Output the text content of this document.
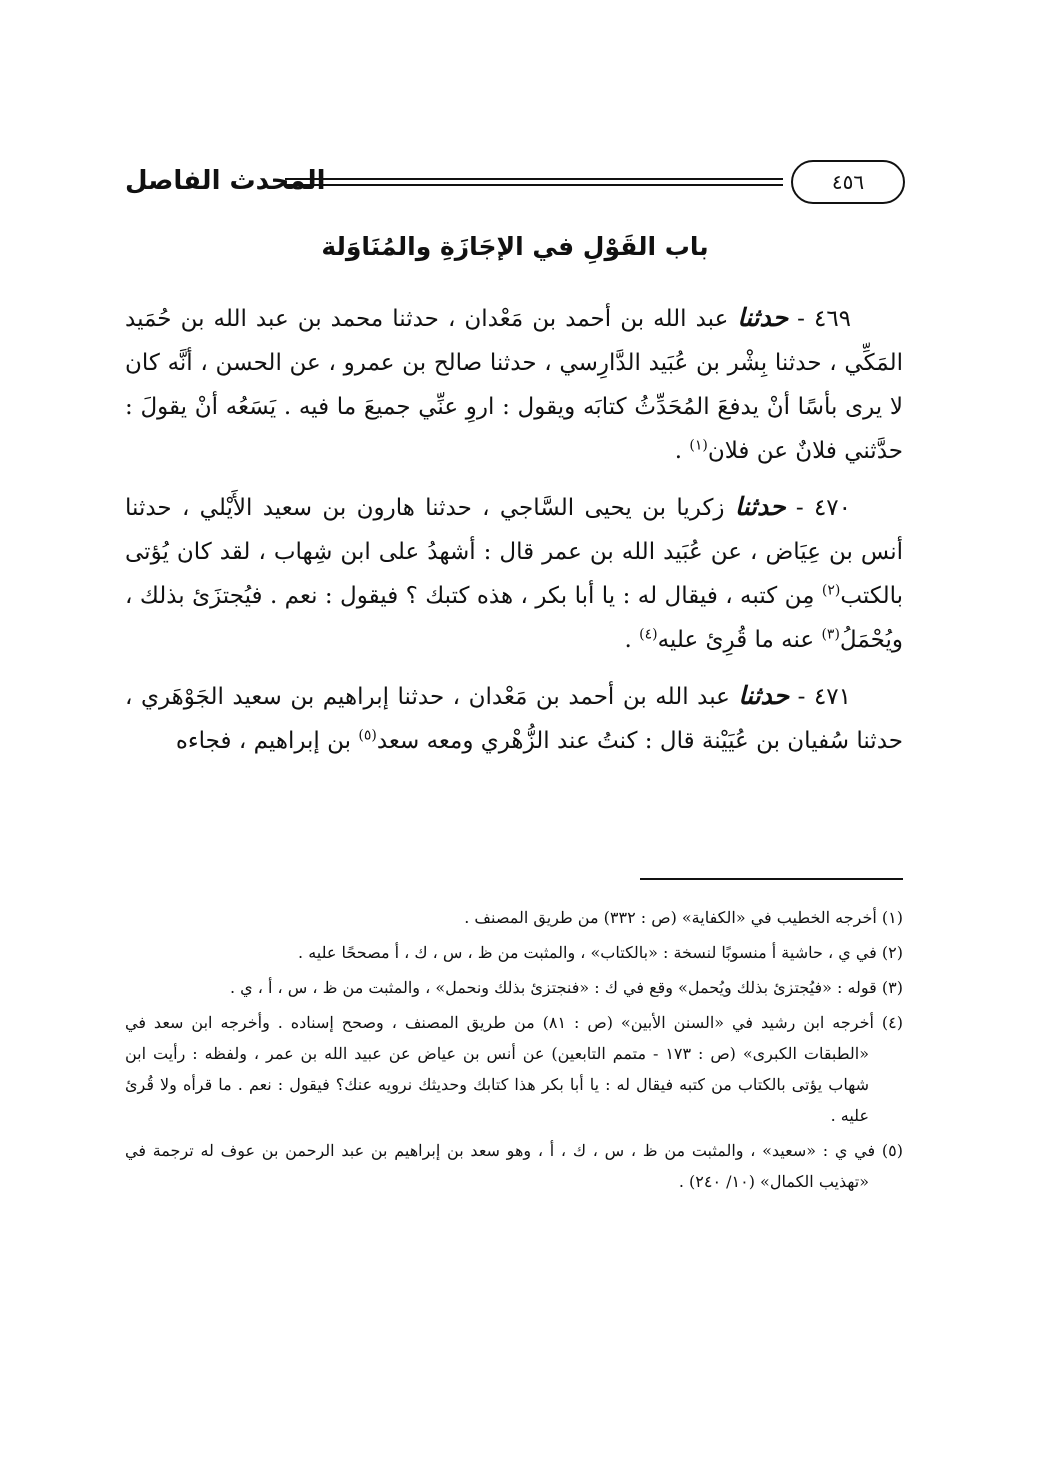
المحدث الفاصل	٤٥٦
باب القَوْلِ في الإجَازَةِ والمُنَاوَلة

٤٦٩ - حدثنا عبد الله بن أحمد بن مَعْدان ، حدثنا محمد بن عبد الله بن حُمَيد المَكِّي ، حدثنا بِشْر بن عُبَيد الدَّارِسي ، حدثنا صالح بن عمرو ، عن الحسن ، أنَّه كان لا يرى بأسًا أنْ يدفعَ المُحَدِّثُ كتابَه ويقول : اروِ عنِّي جميعَ ما فيه . يَسَعُه أنْ يقولَ : حدَّثني فلانٌ عن فلان$^{(١)}$ .

٤٧٠ - حدثنا زكريا بن يحيى السَّاجي ، حدثنا هارون بن سعيد الأَيْلي ، حدثنا أنس بن عِيَاض ، عن عُبَيد الله بن عمر قال : أشهدُ على ابن شِهاب ، لقد كان يُؤتى بالكتب$^{(٢)}$ مِن كتبه ، فيقال له : يا أبا بكر ، هذه كتبك ؟ فيقول : نعم . فيُجتزَئ بذلك ، ويُحْمَلُ$^{(٣)}$ عنه ما قُرِئ عليه$^{(٤)}$ .

٤٧١ - حدثنا عبد الله بن أحمد بن مَعْدان ، حدثنا إبراهيم بن سعيد الجَوْهَري ، حدثنا سُفيان بن عُيَيْنة قال : كنتُ عند الزُّهْري ومعه سعد$^{(٥)}$ بن إبراهيم ، فجاءه

(١) أخرجه الخطيب في «الكفاية» (ص : ٣٣٢) من طريق المصنف .

(٢) في ي ، حاشية أ منسوبًا لنسخة : «بالكتاب» ، والمثبت من ظ ، س ، ك ، أ مصححًا عليه .

(٣) قوله : «فيُجتزئ بذلك ويُحمل» وقع في ك : «فنجتزئ بذلك ونحمل» ، والمثبت من ظ ، س ، أ ، ي .

(٤) أخرجه ابن رشيد في «السنن الأبين» (ص : ٨١) من طريق المصنف ، وصحح إسناده . وأخرجه ابن سعد في «الطبقات الكبرى» (ص : ١٧٣ - متمم التابعين) عن أنس بن عياض عن عبيد الله بن عمر ، ولفظه : رأيت ابن شهاب يؤتى بالكتاب من كتبه فيقال له : يا أبا بكر هذا كتابك وحديثك نرويه عنك؟ فيقول : نعم . ما قرأه ولا قُرئ عليه .

(٥) في ي : «سعيد» ، والمثبت من ظ ، س ، ك ، أ ، وهو سعد بن إبراهيم بن عبد الرحمن بن عوف له ترجمة في «تهذيب الكمال» (١٠/ ٢٤٠) .
